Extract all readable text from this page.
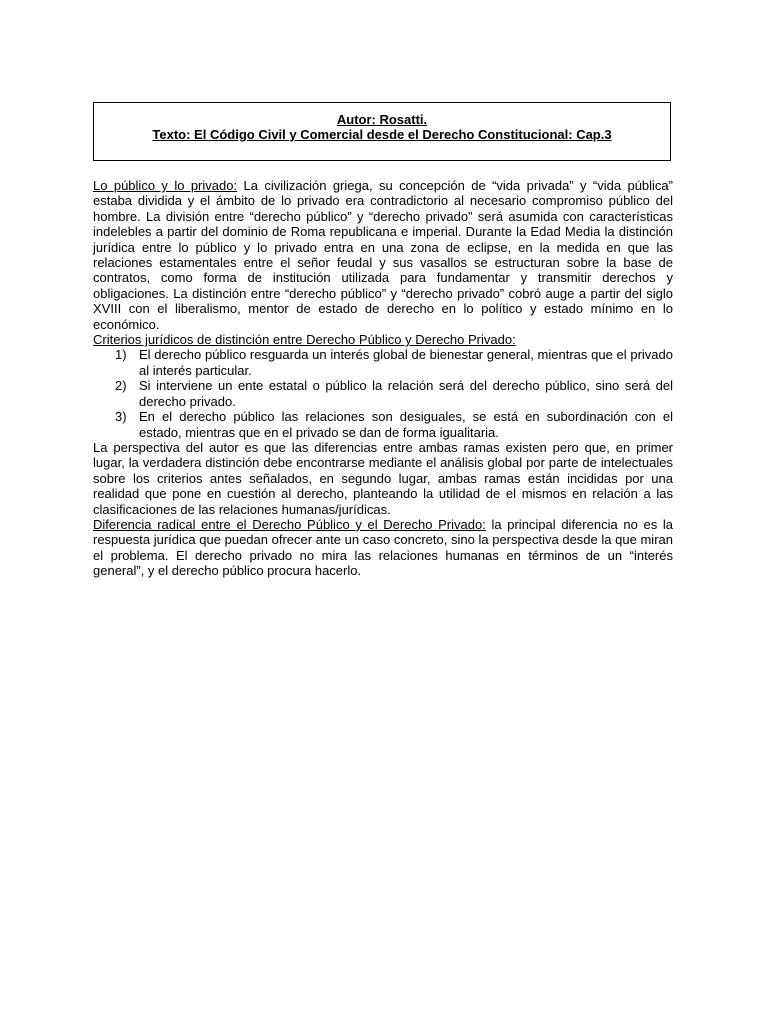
Autor: Rosatti.
Texto: El Código Civil y Comercial desde el Derecho Constitucional: Cap.3

Lo público y lo privado: La civilización griega, su concepción de “vida privada” y “vida pública” estaba dividida y el ámbito de lo privado era contradictorio al necesario compromiso público del hombre. La división entre “derecho público” y “derecho privado” será asumida con características indelebles a partir del dominio de Roma republicana e imperial. Durante la Edad Media la distinción jurídica entre lo público y lo privado entra en una zona de eclipse, en la medida en que las relaciones estamentales entre el señor feudal y sus vasallos se estructuran sobre la base de contratos, como forma de institución utilizada para fundamentar y transmitir derechos y obligaciones. La distinción entre “derecho público” y “derecho privado” cobró auge a partir del siglo XVIII con el liberalismo, mentor de estado de derecho en lo político y estado mínimo en lo económico.

Criterios jurídicos de distinción entre Derecho Público y Derecho Privado:

1) El derecho público resguarda un interés global de bienestar general, mientras que el privado al interés particular.
2) Si interviene un ente estatal o público la relación será del derecho público, sino será del derecho privado.
3) En el derecho público las relaciones son desiguales, se está en subordinación con el estado, mientras que en el privado se dan de forma igualitaria.

La perspectiva del autor es que las diferencias entre ambas ramas existen pero que, en primer lugar, la verdadera distinción debe encontrarse mediante el análisis global por parte de intelectuales sobre los criterios antes señalados, en segundo lugar, ambas ramas están incididas por una realidad que pone en cuestión al derecho, planteando la utilidad de el mismos en relación a las clasificaciones de las relaciones humanas/jurídicas.

Diferencia radical entre el Derecho Público y el Derecho Privado: la principal diferencia no es la respuesta jurídica que puedan ofrecer ante un caso concreto, sino la perspectiva desde la que miran el problema. El derecho privado no mira las relaciones humanas en términos de un “interés general”, y el derecho público procura hacerlo.
